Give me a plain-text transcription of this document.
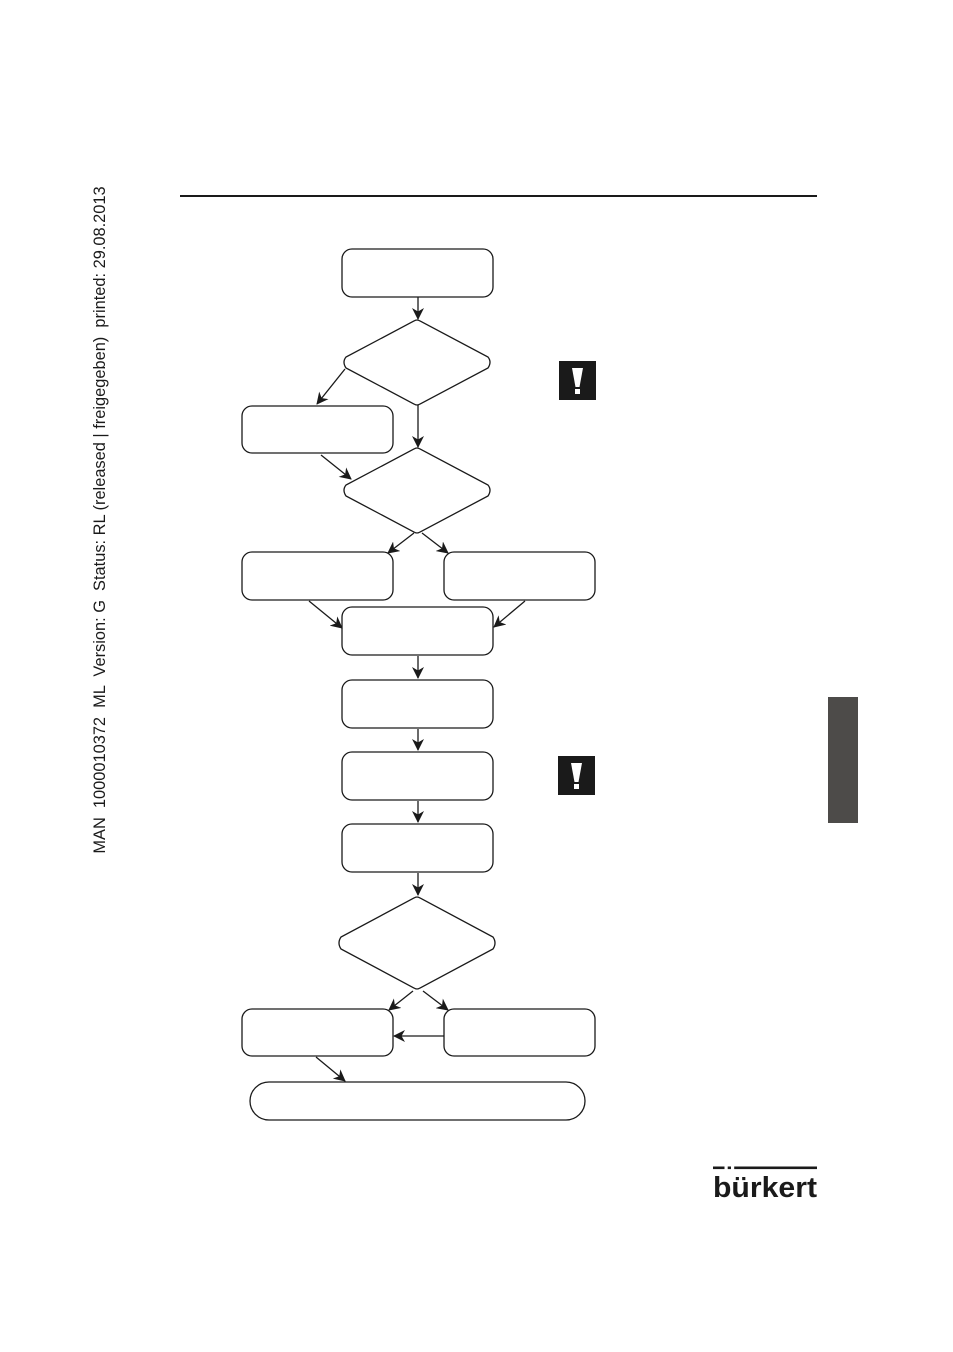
MAN  1000010372  ML  Version: G  Status: RL (released | freigegeben)  printed: 29.08.2013
bürkert
